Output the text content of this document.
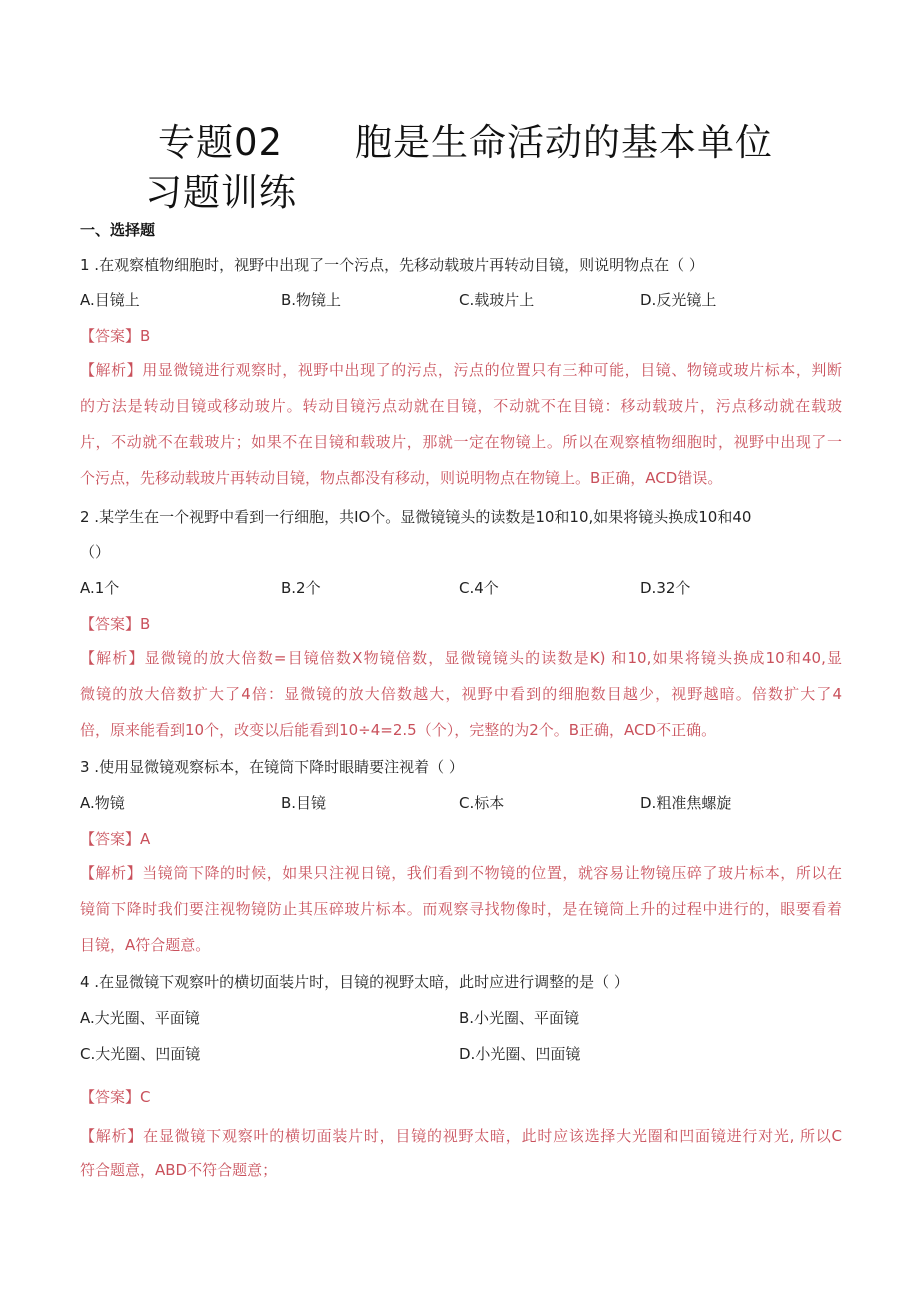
专题02 胞是生命活动的基本单位
习题训练
一、选择题
1 .在观察植物细胞时，视野中出现了一个污点，先移动载玻片再转动目镜，则说明物点在（ ）
A.目镜上	B.物镜上	C.载玻片上	D.反光镜上
【答案】B
【解析】用显微镜进行观察时，视野中出现了的污点，污点的位置只有三种可能，目镜、物镜或玻片标本，判断
的方法是转动目镜或移动玻片。转动目镜污点动就在目镜，不动就不在目镜：移动载玻片，污点移动就在载玻
片，不动就不在载玻片；如果不在目镜和载玻片，那就一定在物镜上。所以在观察植物细胞时，视野中出现了一
个污点，先移动载玻片再转动目镜，物点都没有移动，则说明物点在物镜上。B正确，ACD错误。
2 .某学生在一个视野中看到一行细胞，共IO个。显微镜镜头的读数是10和10,如果将镜头换成10和40
（）
A.1个	B.2个	C.4个	D.32个
【答案】B
【解析】显微镜的放大倍数=目镜倍数X物镜倍数，显微镜镜头的读数是K) 和10,如果将镜头换成10和40,显
微镜的放大倍数扩大了4倍：显微镜的放大倍数越大，视野中看到的细胞数目越少，视野越暗。倍数扩大了4
倍，原来能看到10个，改变以后能看到10÷4=2.5（个），完整的为2个。B正确，ACD不正确。
3 .使用显微镜观察标本，在镜筒下降时眼睛要注视着（ ）
A.物镜	B.目镜	C.标本	D.粗准焦螺旋
【答案】A
【解析】当镜筒下降的时候，如果只注视日镜，我们看到不物镜的位置，就容易让物镜压碎了玻片标本，所以在
镜简下降时我们要注视物镜防止其压碎玻片标本。而观察寻找物像时，是在镜筒上升的过程中进行的，眼要看着
目镜，A符合题意。
4 .在显微镜下观察叶的横切面装片时，目镜的视野太暗，此时应进行调整的是（ ）
A.大光圈、平面镜	B.小光圈、平面镜
C.大光圈、凹面镜	D.小光圈、凹面镜
【答案】C
【解析】在显微镜下观察叶的横切面装片时，目镜的视野太暗，此时应该选择大光圈和凹面镜进行对光, 所以C
符合题意，ABD不符合题意；
